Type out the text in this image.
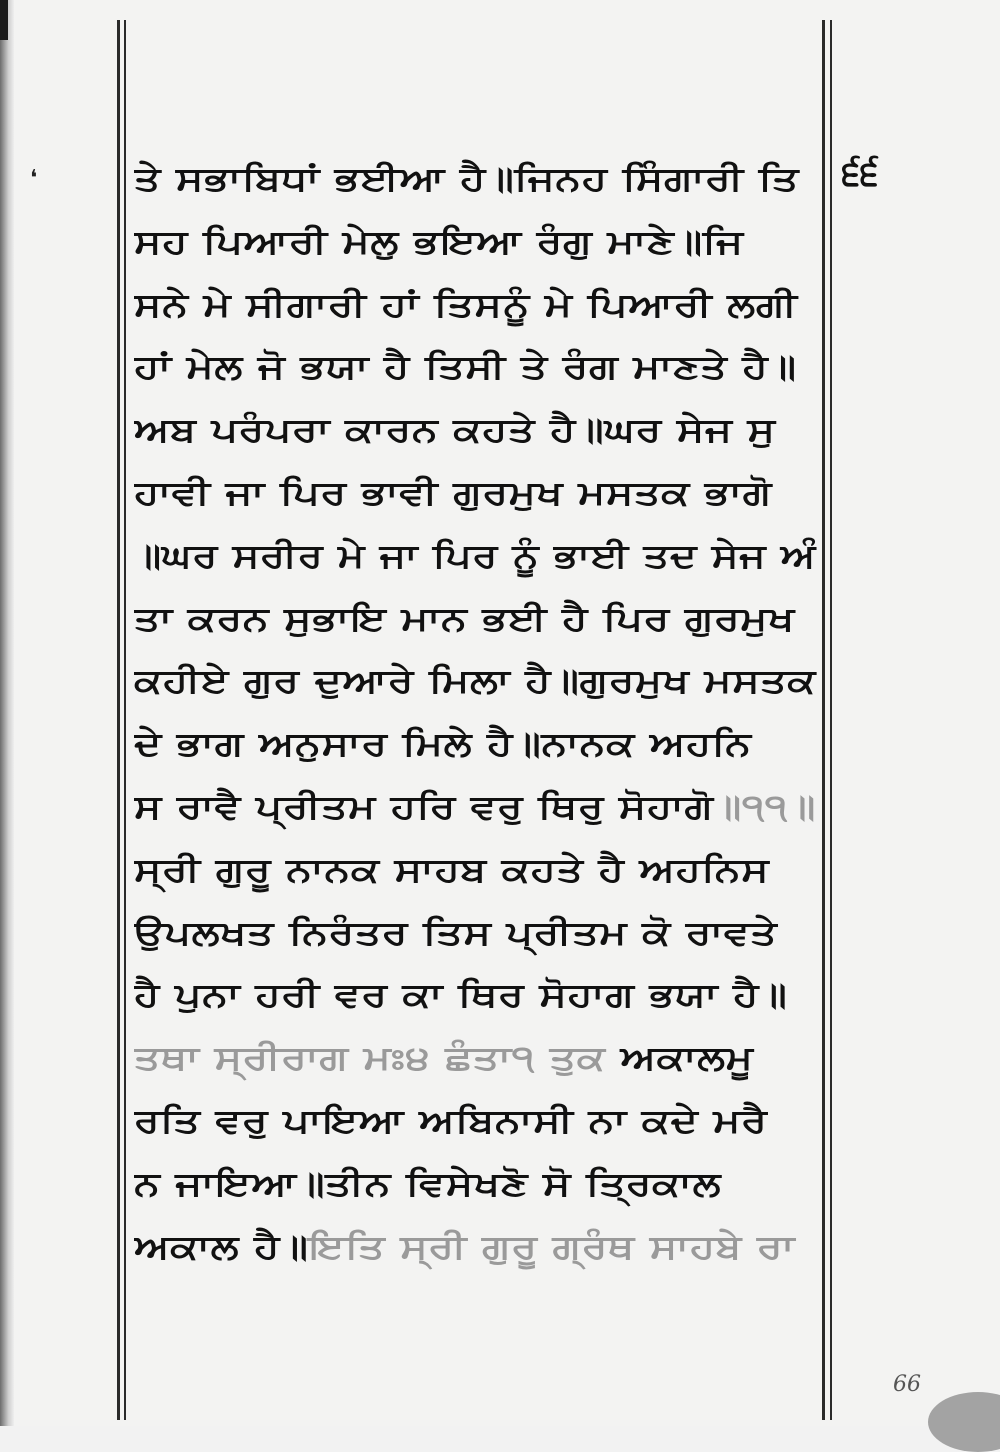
❛	੬੬
ਤੇ ਸਭਾਬਿਧਾਂ ਭਈਆ ਹੈ॥ਜਿਨਹ ਸਿੰਗਾਰੀ ਤਿ
ਸਹ ਪਿਆਰੀ ਮੇਲੁ ਭਇਆ ਰੰਗੁ ਮਾਣੇ॥ਜਿ
ਸਨੇ ਮੇ ਸੀਗਾਰੀ ਹਾਂ ਤਿਸਨੂੰ ਮੇ ਪਿਆਰੀ ਲਗੀ
ਹਾਂ ਮੇਲ ਜੋ ਭਯਾ ਹੈ ਤਿਸੀ ਤੇ ਰੰਗ ਮਾਣਤੇ ਹੈ॥
ਅਬ ਪਰੰਪਰਾ ਕਾਰਨ ਕਹਤੇ ਹੈ॥ਘਰ ਸੇਜ ਸੁ
ਹਾਵੀ ਜਾ ਪਿਰ ਭਾਵੀ ਗੁਰਮੁਖ ਮਸਤਕ ਭਾਗੋ
॥ਘਰ ਸਰੀਰ ਮੇ ਜਾ ਪਿਰ ਨੂੰ ਭਾਈ ਤਦ ਸੇਜ ਅੰ
ਤਾ ਕਰਨ ਸੁਭਾਇ ਮਾਨ ਭਈ ਹੈ ਪਿਰ ਗੁਰਮੁਖ
ਕਹੀਏ ਗੁਰ ਦੁਆਰੇ ਮਿਲਾ ਹੈ॥ਗੁਰਮੁਖ ਮਸਤਕ
ਦੇ ਭਾਗ ਅਨੁਸਾਰ ਮਿਲੇ ਹੈ॥ਨਾਨਕ ਅਹਨਿ
ਸ ਰਾਵੈ ਪ੍ਰੀਤਮ ਹਰਿ ਵਰੁ ਥਿਰੁ ਸੋਹਾਗੋ॥੧੧॥
ਸ੍ਰੀ ਗੁਰੂ ਨਾਨਕ ਸਾਹਬ ਕਹਤੇ ਹੈ ਅਹਨਿਸ
ਉਪਲਖਤ ਨਿਰੰਤਰ ਤਿਸ ਪ੍ਰੀਤਮ ਕੋ ਰਾਵਤੇ
ਹੈ ਪੁਨਾ ਹਰੀ ਵਰ ਕਾ ਥਿਰ ਸੋਹਾਗ ਭਯਾ ਹੈ॥
ਤਥਾ ਸ੍ਰੀਰਾਗ ਮਃ੪ ਛੰਤਾ੧ ਤੁਕ ਅਕਾਲਮੂ
ਰਤਿ ਵਰੁ ਪਾਇਆ ਅਬਿਨਾਸੀ ਨਾ ਕਦੇ ਮਰੈ
ਨ ਜਾਇਆ॥ਤੀਨ ਵਿਸੇਖਣੋ ਸੋ ਤ੍ਰਿਕਾਲ
ਅਕਾਲ ਹੈ॥ਇਤਿ ਸ੍ਰੀ ਗੁਰੂ ਗ੍ਰੰਥ ਸਾਹਬੇ ਰਾ
66
